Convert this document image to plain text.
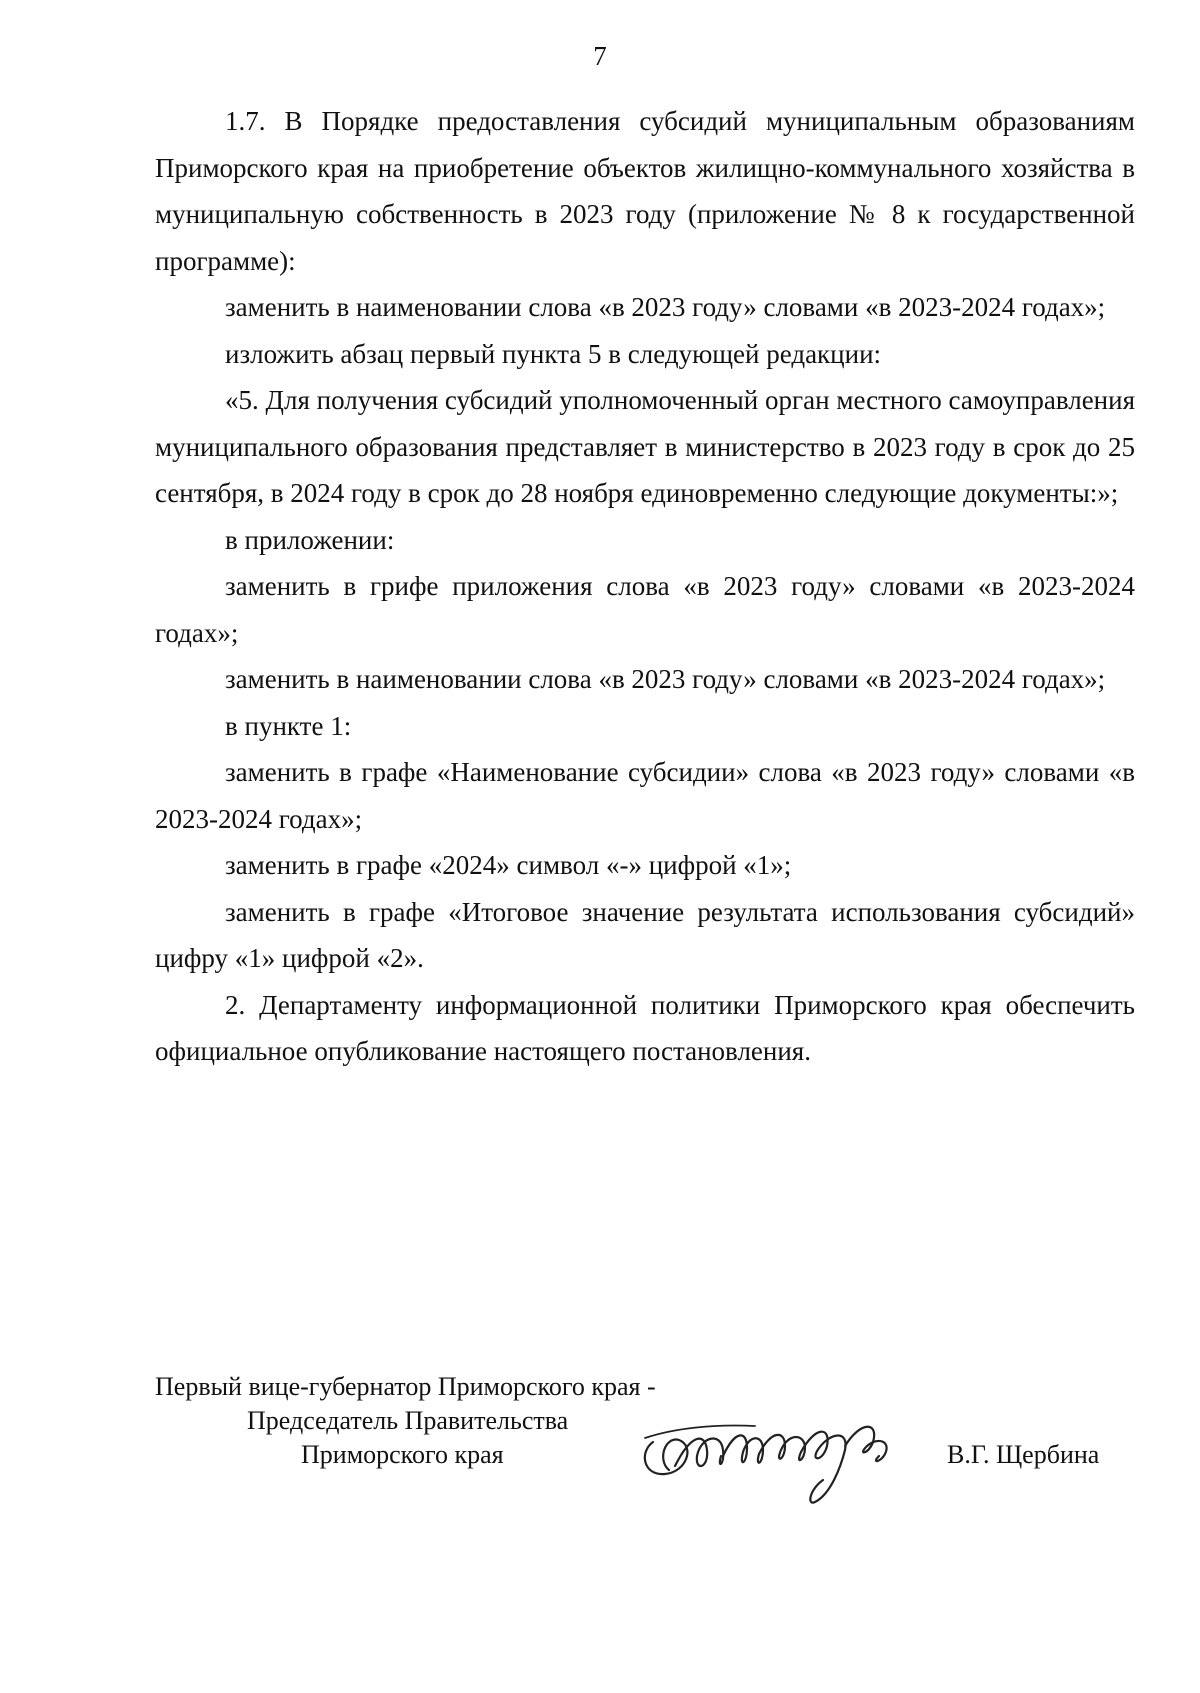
7

1.7. В Порядке предоставления субсидий муниципальным образованиям Приморского края на приобретение объектов жилищно-коммунального хозяйства в муниципальную собственность в 2023 году (приложение № 8 к государственной программе):

заменить в наименовании слова «в 2023 году» словами «в 2023-2024 годах»;

изложить абзац первый пункта 5 в следующей редакции:

«5. Для получения субсидий уполномоченный орган местного самоуправления муниципального образования представляет в министерство в 2023 году в срок до 25 сентября, в 2024 году в срок до 28 ноября единовременно следующие документы:»;

в приложении:

заменить в грифе приложения слова «в 2023 году» словами «в 2023-2024 годах»;

заменить в наименовании слова «в 2023 году» словами «в 2023-2024 годах»;

в пункте 1:

заменить в графе «Наименование субсидии» слова «в 2023 году» словами «в 2023-2024 годах»;

заменить в графе «2024» символ «-» цифрой «1»;

заменить в графе «Итоговое значение результата использования субсидий» цифру «1» цифрой «2».

2. Департаменту информационной политики Приморского края обеспечить официальное опубликование настоящего постановления.

Первый вице-губернатор Приморского края -
Председатель Правительства
Приморского края	В.Г. Щербина
